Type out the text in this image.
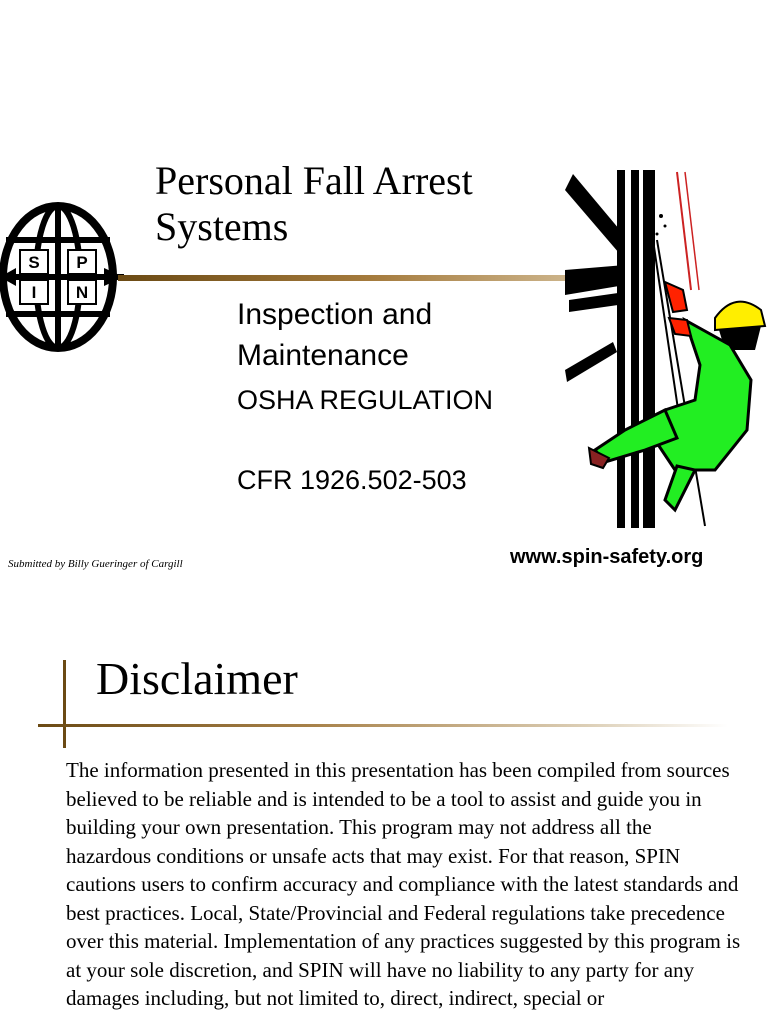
S P
I N
Personal Fall Arrest Systems
Inspection and Maintenance
OSHA REGULATION
CFR 1926.502-503
Submitted by Billy Gueringer of Cargill	www.spin-safety.org
Disclaimer

The information presented in this presentation has been compiled from sources believed to be reliable and is intended to be a tool to assist and guide you in building your own presentation. This program may not address all the hazardous conditions or unsafe acts that may exist. For that reason, SPIN cautions users to confirm accuracy and compliance with the latest standards and best practices. Local, State/Provincial and Federal regulations take precedence over this material. Implementation of any practices suggested by this program is at your sole discretion, and SPIN will have no liability to any party for any damages including, but not limited to, direct, indirect, special or
